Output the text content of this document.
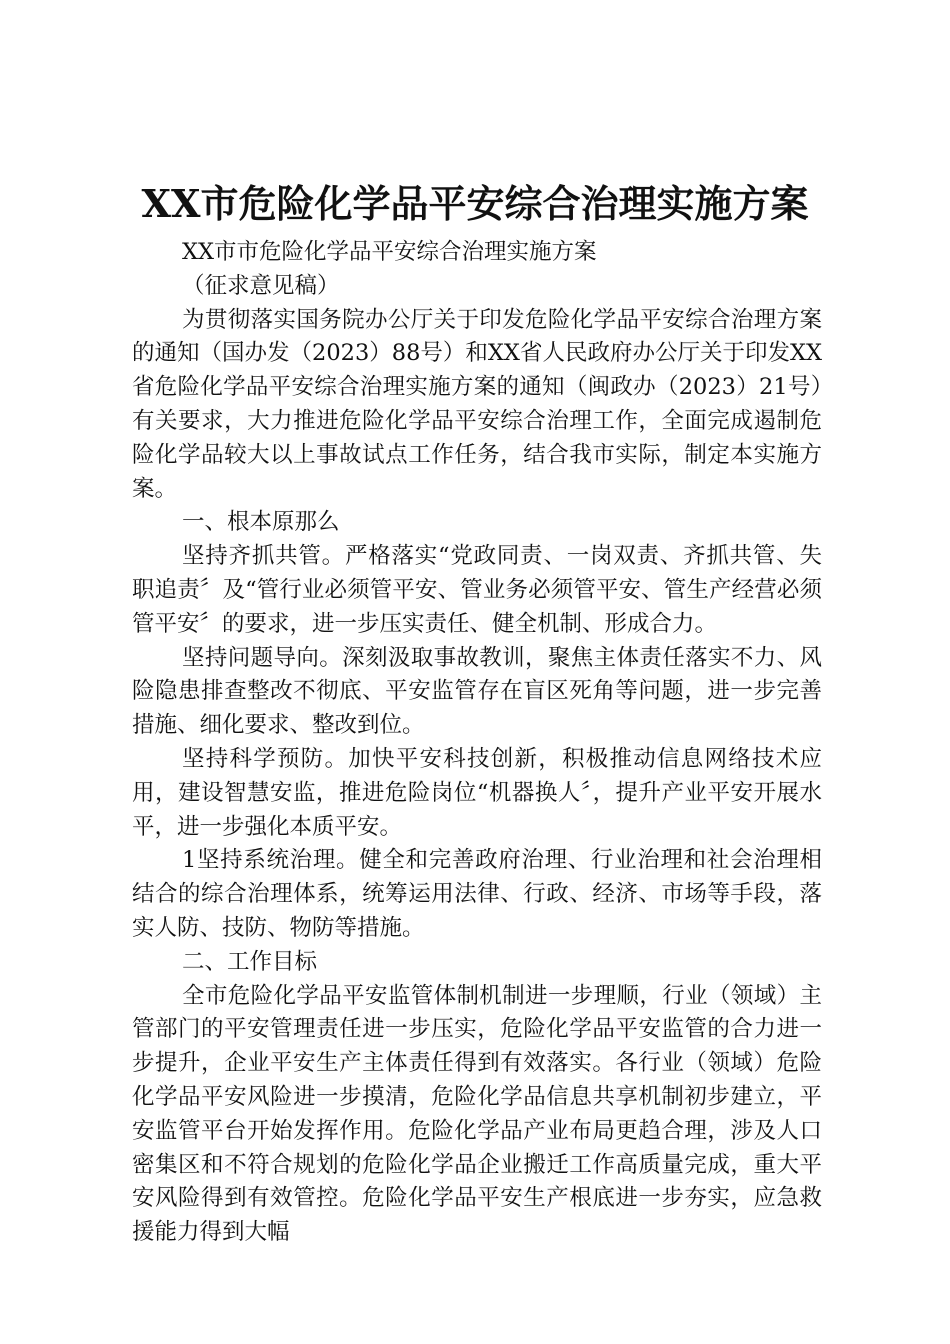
XX市危险化学品平安综合治理实施方案

XX市市危险化学品平安综合治理实施方案

（征求意见稿）

为贯彻落实国务院办公厅关于印发危险化学品平安综合治理方案的通知（国办发（2023）88号）和XX省人民政府办公厅关于印发XX省危险化学品平安综合治理实施方案的通知（闽政办（2023）21号）有关要求，大力推进危险化学品平安综合治理工作，全面完成遏制危险化学品较大以上事故试点工作任务，结合我市实际，制定本实施方案。

一、根本原那么

坚持齐抓共管。严格落实“党政同责、一岗双责、齐抓共管、失职追责〞及“管行业必须管平安、管业务必须管平安、管生产经营必须管平安〞的要求，进一步压实责任、健全机制、形成合力。

坚持问题导向。深刻汲取事故教训，聚焦主体责任落实不力、风险隐患排查整改不彻底、平安监管存在盲区死角等问题，进一步完善措施、细化要求、整改到位。

坚持科学预防。加快平安科技创新，积极推动信息网络技术应用，建设智慧安监，推进危险岗位“机器换人〞，提升产业平安开展水平，进一步强化本质平安。

1坚持系统治理。健全和完善政府治理、行业治理和社会治理相结合的综合治理体系，统筹运用法律、行政、经济、市场等手段，落实人防、技防、物防等措施。

二、工作目标

全市危险化学品平安监管体制机制进一步理顺，行业（领域）主管部门的平安管理责任进一步压实，危险化学品平安监管的合力进一步提升，企业平安生产主体责任得到有效落实。各行业（领域）危险化学品平安风险进一步摸清，危险化学品信息共享机制初步建立，平安监管平台开始发挥作用。危险化学品产业布局更趋合理，涉及人口密集区和不符合规划的危险化学品企业搬迁工作高质量完成，重大平安风险得到有效管控。危险化学品平安生产根底进一步夯实，应急救援能力得到大幅
